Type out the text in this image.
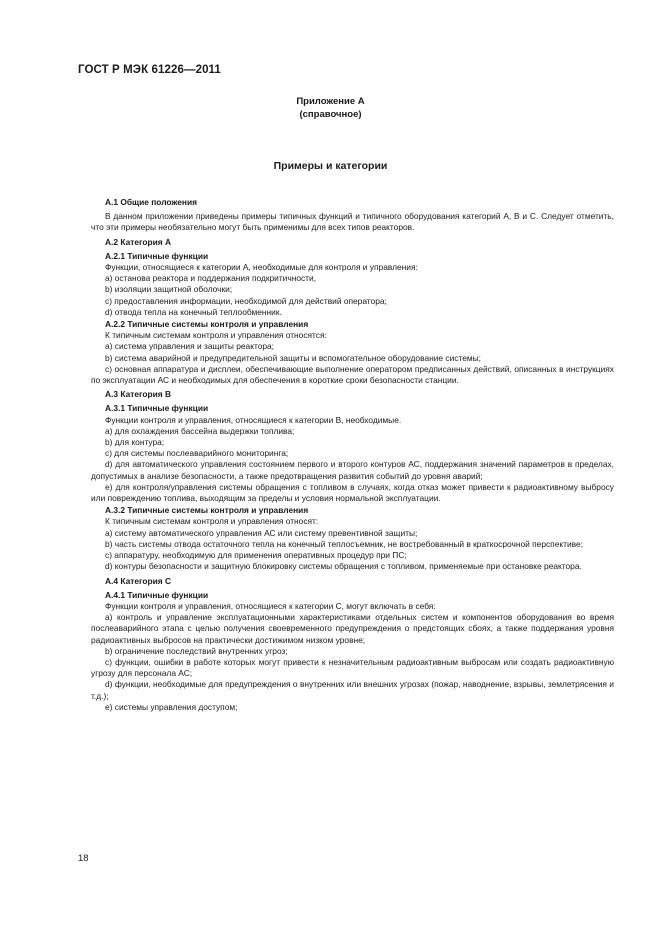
ГОСТ Р МЭК 61226—2011
Приложение А
(справочное)
Примеры и категории

А.1 Общие положения

В данном приложении приведены примеры типичных функций и типичного оборудования категорий А, В и С. Следует отметить, что эти примеры необязательно могут быть применимы для всех типов реакторов.

А.2 Категория А

А.2.1 Типичные функции

Функции, относящиеся к категории А, необходимые для контроля и управления:

a) останова реактора и поддержания подкритичности,

b) изоляции защитной оболочки;

c) предоставления информации, необходимой для действий оператора;

d) отвода тепла на конечный теплообменник.

А.2.2 Типичные системы контроля и управления

К типичным системам контроля и управления относятся:

a) система управления и защиты реактора;

b) система аварийной и предупредительной защиты и вспомогательное оборудование системы;

c) основная аппаратура и дисплеи, обеспечивающие выполнение оператором предписанных действий, описанных в инструкциях по эксплуатации АС и необходимых для обеспечения в короткие сроки безопасности станции.

А.3 Категория В

А.3.1 Типичные функции

Функции контроля и управления, относящиеся к категории В, необходимые.

a) для охлаждения бассейна выдержки топлива;

b) для контура;

c) для системы послеаварийного мониторинга;

d) для автоматического управления состоянием первого и второго контуров АС, поддержания значений параметров в пределах, допустимых в анализе безопасности, а также предотвращения развития событий до уровня аварий;

e) для контроля/управления системы обращения с топливом в случаях, когда отказ может привести к радиоактивному выбросу или повреждению топлива, выходящим за пределы и условия нормальной эксплуатации.

А.3.2 Типичные системы контроля и управления

К типичным системам контроля и управления относят:

a) систему автоматического управления АС или систему превентивной защиты;

b) часть системы отвода остаточного тепла на конечный теплосъемник, не востребованный в краткосрочной перспективе;

c) аппаратуру, необходимую для применения оперативных процедур при ПС;

d) контуры безопасности и защитную блокировку системы обращения с топливом, применяемые при остановке реактора.

А.4 Категория С

А.4.1 Типичные функции

Функции контроля и управления, относящиеся к категории С, могут включать в себя:

a) контроль и управление эксплуатационными характеристиками отдельных систем и компонентов оборудования во время послеаварийного этапа с целью получения своевременного предупреждения о предстоящих сбоях, а также поддержания уровня радиоактивных выбросов на практически достижимом низком уровне;

b) ограничение последствий внутренних угроз;

c) функции, ошибки в работе которых могут привести к незначительным радиоактивным выбросам или создать радиоактивную угрозу для персонала АС;

d) функции, необходимые для предупреждения о внутренних или внешних угрозах (пожар, наводнение, взрывы, землетрясения и т.д.);

e) системы управления доступом;

18
